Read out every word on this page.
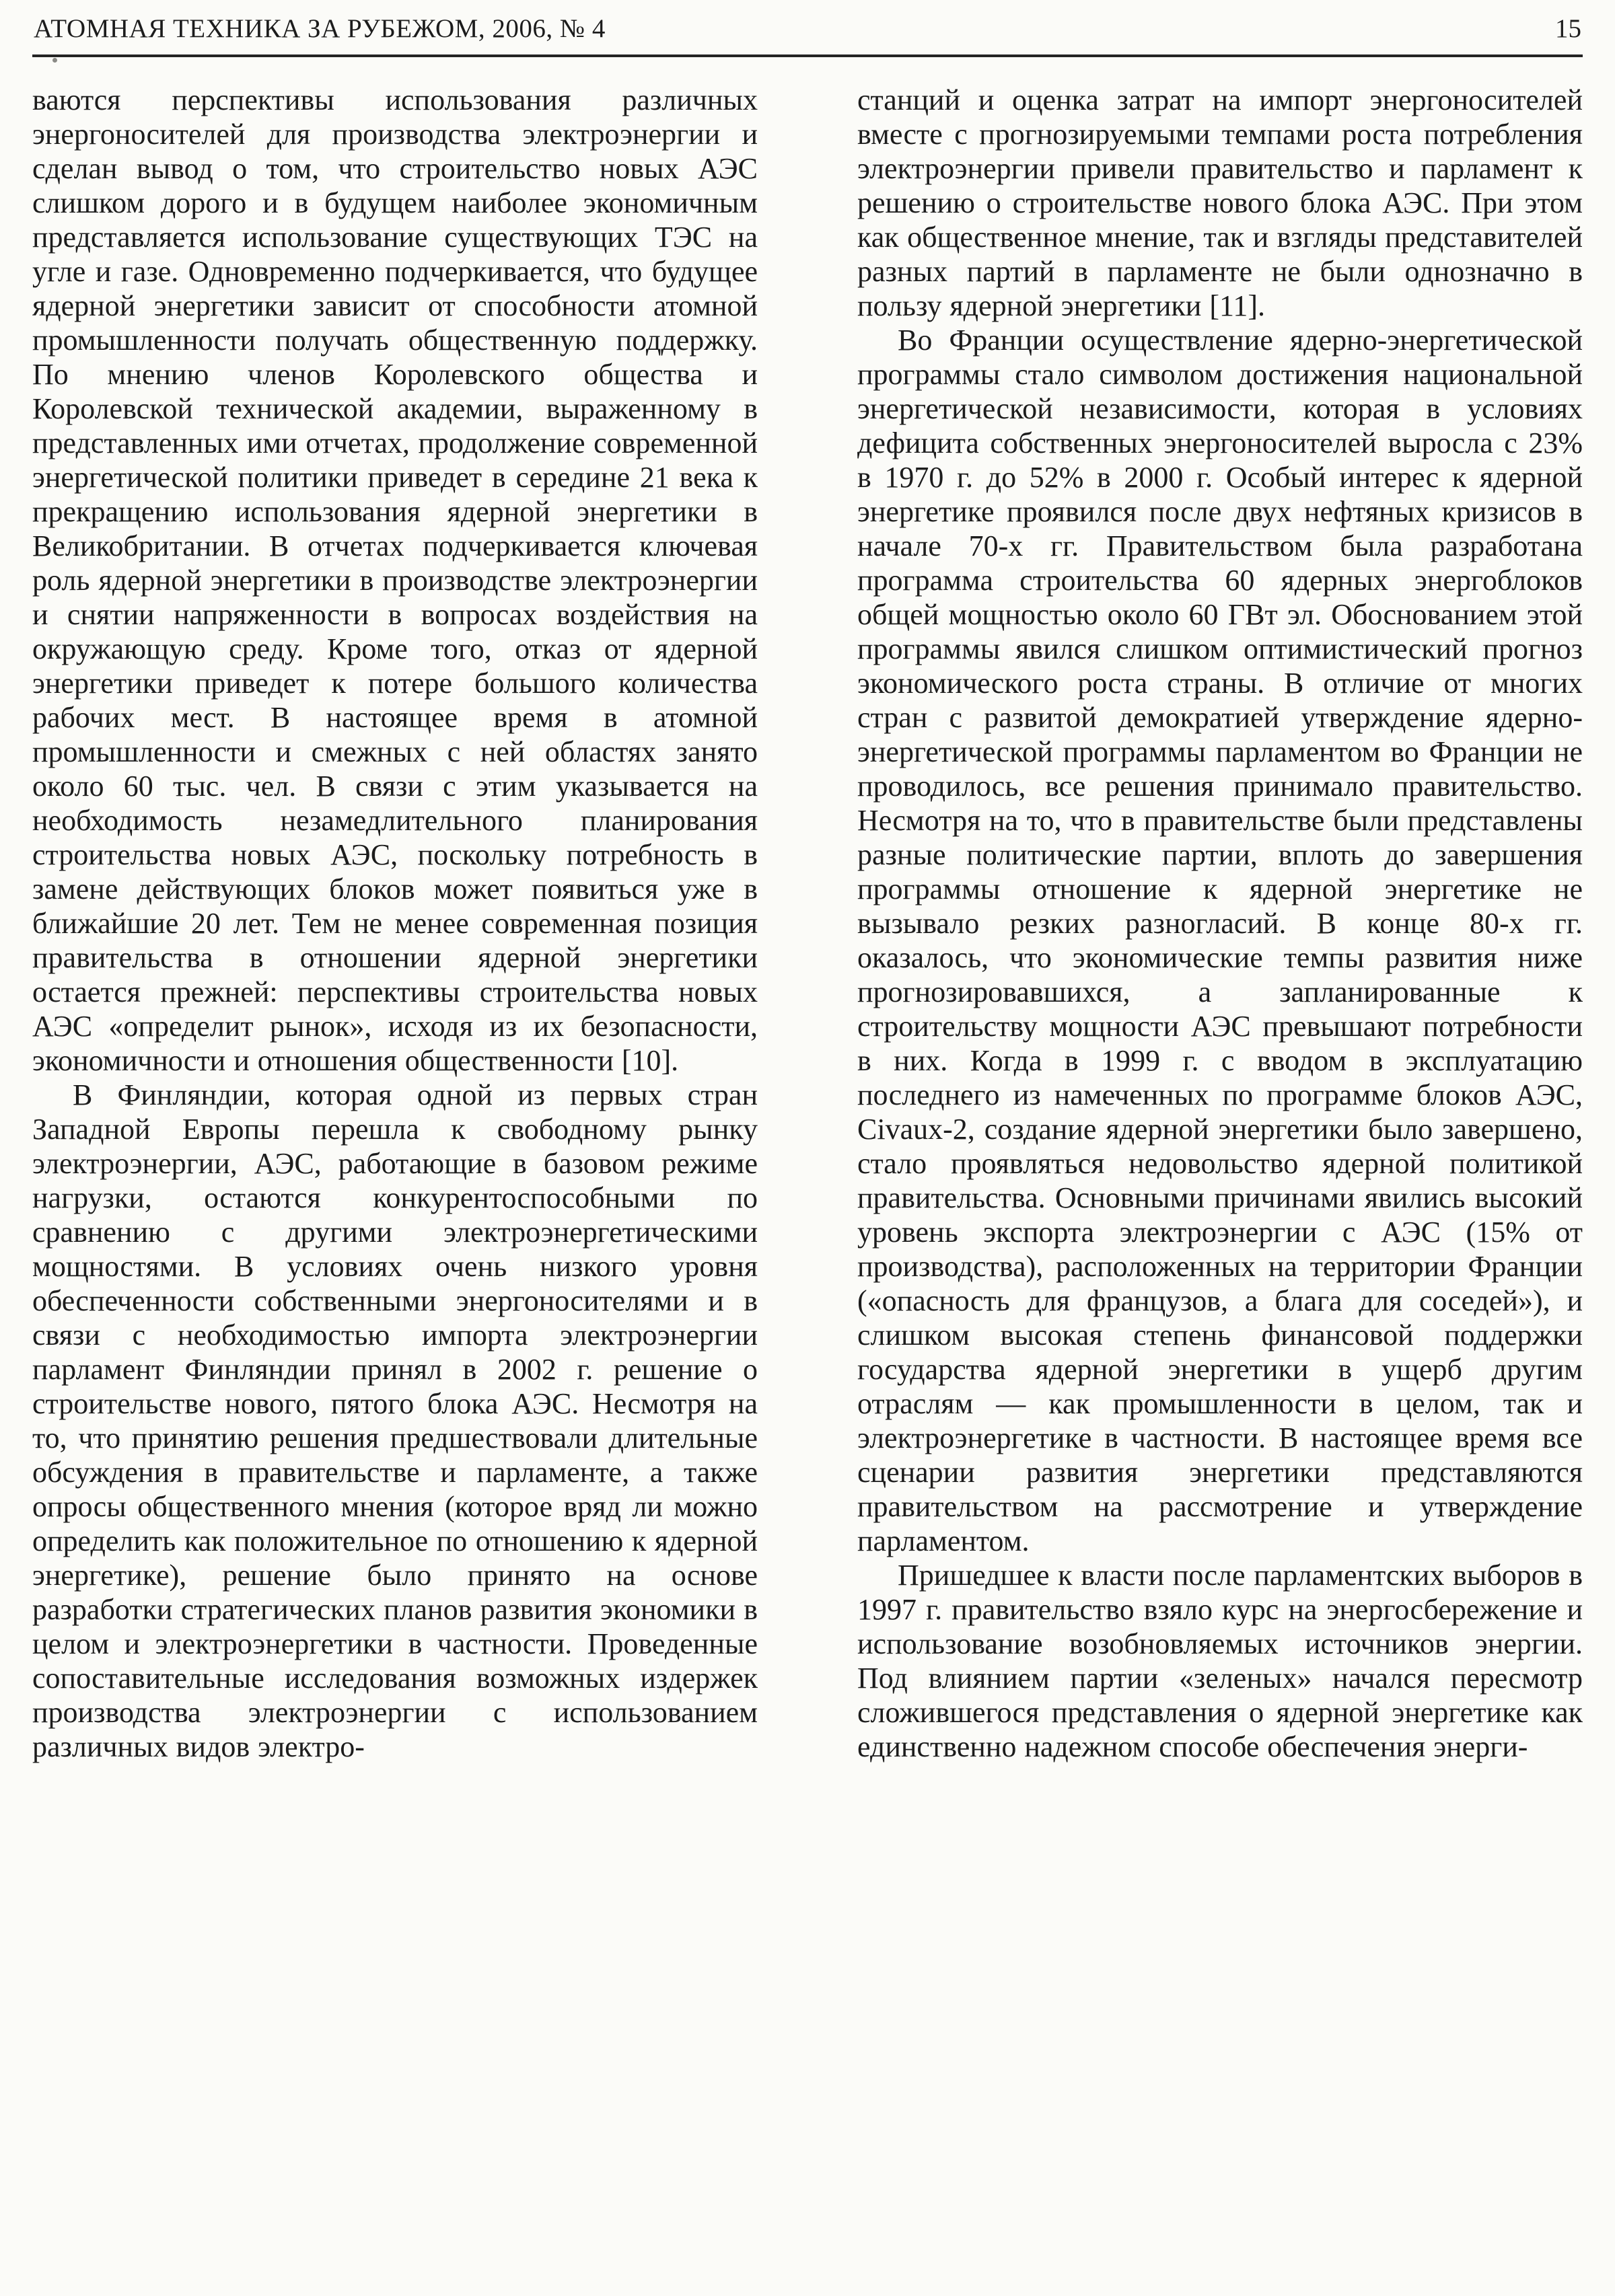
АТОМНАЯ ТЕХНИКА ЗА РУБЕЖОМ, 2006, № 4	15

ваются перспективы использования различных энергоносителей для производства электроэнергии и сделан вывод о том, что строительство новых АЭС слишком дорого и в будущем наиболее экономичным представляется использование существующих ТЭС на угле и газе. Одновременно подчеркивается, что будущее ядерной энергетики зависит от способности атомной промышленности получать общественную поддержку. По мнению членов Королевского общества и Королевской технической академии, выраженному в представленных ими отчетах, продолжение современной энергетической политики приведет в середине 21 века к прекращению использования ядерной энергетики в Великобритании. В отчетах подчеркивается ключевая роль ядерной энергетики в производстве электроэнергии и снятии напряженности в вопросах воздействия на окружающую среду. Кроме того, отказ от ядерной энергетики приведет к потере большого количества рабочих мест. В настоящее время в атомной промышленности и смежных с ней областях занято около 60 тыс. чел. В связи с этим указывается на необходимость незамедлительного планирования строительства новых АЭС, поскольку потребность в замене действующих блоков может появиться уже в ближайшие 20 лет. Тем не менее современная позиция правительства в отношении ядерной энергетики остается прежней: перспективы строительства новых АЭС «определит рынок», исходя из их безопасности, экономичности и отношения общественности [10].

В Финляндии, которая одной из первых стран Западной Европы перешла к свободному рынку электроэнергии, АЭС, работающие в базовом режиме нагрузки, остаются конкурентоспособными по сравнению с другими электроэнергетическими мощностями. В условиях очень низкого уровня обеспеченности собственными энергоносителями и в связи с необходимостью импорта электроэнергии парламент Финляндии принял в 2002 г. решение о строительстве нового, пятого блока АЭС. Несмотря на то, что принятию решения предшествовали длительные обсуждения в правительстве и парламенте, а также опросы общественного мнения (которое вряд ли можно определить как положительное по отношению к ядерной энергетике), решение было принято на основе разработки стратегических планов развития экономики в целом и электроэнергетики в частности. Проведенные сопоставительные исследования возможных издержек производства электроэнергии с использованием различных видов электро-

станций и оценка затрат на импорт энергоносителей вместе с прогнозируемыми темпами роста потребления электроэнергии привели правительство и парламент к решению о строительстве нового блока АЭС. При этом как общественное мнение, так и взгляды представителей разных партий в парламенте не были однозначно в пользу ядерной энергетики [11].

Во Франции осуществление ядерно-энергетической программы стало символом достижения национальной энергетической независимости, которая в условиях дефицита собственных энергоносителей выросла с 23% в 1970 г. до 52% в 2000 г. Особый интерес к ядерной энергетике проявился после двух нефтяных кризисов в начале 70-х гг. Правительством была разработана программа строительства 60 ядерных энергоблоков общей мощностью около 60 ГВт эл. Обоснованием этой программы явился слишком оптимистический прогноз экономического роста страны. В отличие от многих стран с развитой демократией утверждение ядерно-энергетической программы парламентом во Франции не проводилось, все решения принимало правительство. Несмотря на то, что в правительстве были представлены разные политические партии, вплоть до завершения программы отношение к ядерной энергетике не вызывало резких разногласий. В конце 80-х гг. оказалось, что экономические темпы развития ниже прогнозировавшихся, а запланированные к строительству мощности АЭС превышают потребности в них. Когда в 1999 г. с вводом в эксплуатацию последнего из намеченных по программе блоков АЭС, Civaux-2, создание ядерной энергетики было завершено, стало проявляться недовольство ядерной политикой правительства. Основными причинами явились высокий уровень экспорта электроэнергии с АЭС (15% от производства), расположенных на территории Франции («опасность для французов, а блага для соседей»), и слишком высокая степень финансовой поддержки государства ядерной энергетики в ущерб другим отраслям — как промышленности в целом, так и электроэнергетике в частности. В настоящее время все сценарии развития энергетики представляются правительством на рассмотрение и утверждение парламентом.

Пришедшее к власти после парламентских выборов в 1997 г. правительство взяло курс на энергосбережение и использование возобновляемых источников энергии. Под влиянием партии «зеленых» начался пересмотр сложившегося представления о ядерной энергетике как единственно надежном способе обеспечения энерги-
